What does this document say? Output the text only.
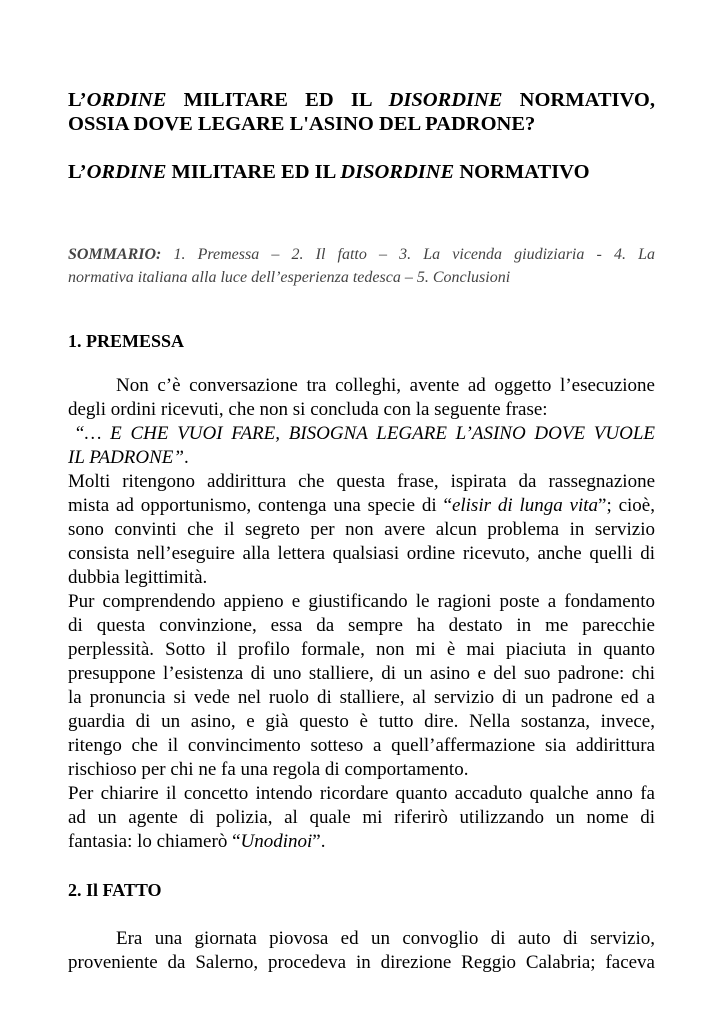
L’ORDINE MILITARE ED IL DISORDINE NORMATIVO,

OSSIA DOVE LEGARE L'ASINO DEL PADRONE?

L’ORDINE MILITARE ED IL DISORDINE NORMATIVO

SOMMARIO: 1. Premessa – 2. Il fatto – 3. La vicenda giudiziaria - 4. La
normativa italiana alla luce dell’esperienza tedesca – 5. Conclusioni
1. PREMESSA
Non c’è conversazione tra colleghi, avente ad oggetto l’esecuzione
degli ordini ricevuti, che non si concluda con la seguente frase:
“… E CHE VUOI FARE, BISOGNA LEGARE L’ASINO DOVE VUOLE
IL PADRONE”.
Molti ritengono addirittura che questa frase, ispirata da rassegnazione
mista ad opportunismo, contenga una specie di “elisir di lunga vita”; cioè,
sono convinti che il segreto per non avere alcun problema in servizio
consista nell’eseguire alla lettera qualsiasi ordine ricevuto, anche quelli di
dubbia legittimità.
Pur comprendendo appieno e giustificando le ragioni poste a fondamento
di questa convinzione, essa da sempre ha destato in me parecchie
perplessità. Sotto il profilo formale, non mi è mai piaciuta in quanto
presuppone l’esistenza di uno stalliere, di un asino e del suo padrone: chi
la pronuncia si vede nel ruolo di stalliere, al servizio di un padrone ed a
guardia di un asino, e già questo è tutto dire. Nella sostanza, invece,
ritengo che il convincimento sotteso a quell’affermazione sia addirittura
rischioso per chi ne fa una regola di comportamento.
Per chiarire il concetto intendo ricordare quanto accaduto qualche anno fa
ad un agente di polizia, al quale mi riferirò utilizzando un nome di
fantasia: lo chiamerò “Unodinoi”.
2. Il FATTO
Era una giornata piovosa ed un convoglio di auto di servizio,
proveniente da Salerno, procedeva in direzione Reggio Calabria; faceva
